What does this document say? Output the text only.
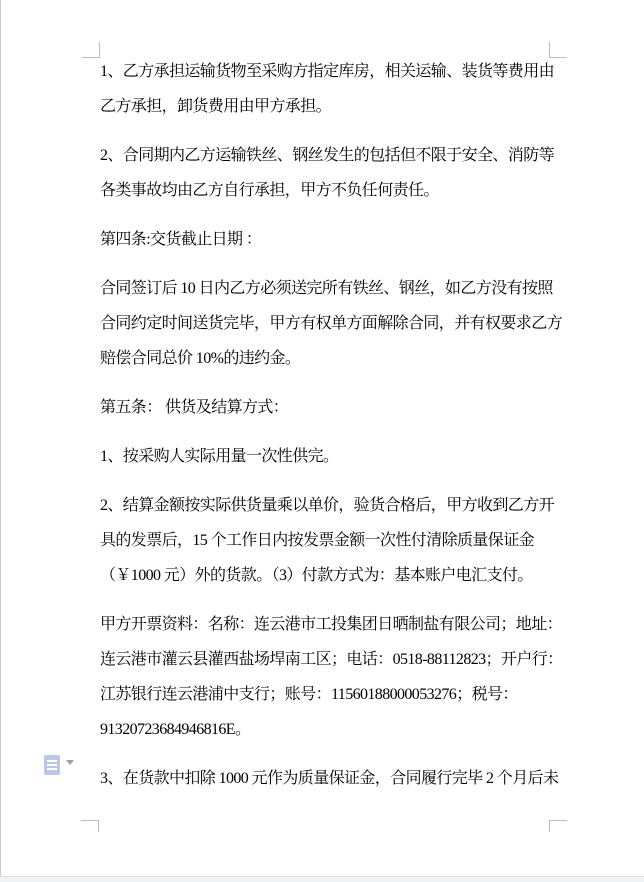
1、乙方承担运输货物至采购方指定库房，相关运输、装货等费用由
乙方承担，卸货费用由甲方承担。
2、合同期内乙方运输铁丝、钢丝发生的包括但不限于安全、消防等
各类事故均由乙方自行承担，甲方不负任何责任。
第四条:交货截止日期 ：
合同签订后 10 日内乙方必须送完所有铁丝、钢丝，如乙方没有按照
合同约定时间送货完毕，甲方有权单方面解除合同，并有权要求乙方
赔偿合同总价 10%的违约金。
第五条： 供货及结算方式：
1、按采购人实际用量一次性供完。
2、结算金额按实际供货量乘以单价，验货合格后，甲方收到乙方开
具的发票后，15 个工作日内按发票金额一次性付清除质量保证金
（￥1000 元）外的货款。（3）付款方式为：基本账户电汇支付。
甲方开票资料：名称：连云港市工投集团日晒制盐有限公司；地址：
连云港市灌云县灌西盐场垾南工区；电话：0518-88112823；开户行：
江苏银行连云港浦中支行；账号：11560188000053276；税号：
91320723684946816E。
3、在货款中扣除 1000 元作为质量保证金，合同履行完毕 2 个月后未
